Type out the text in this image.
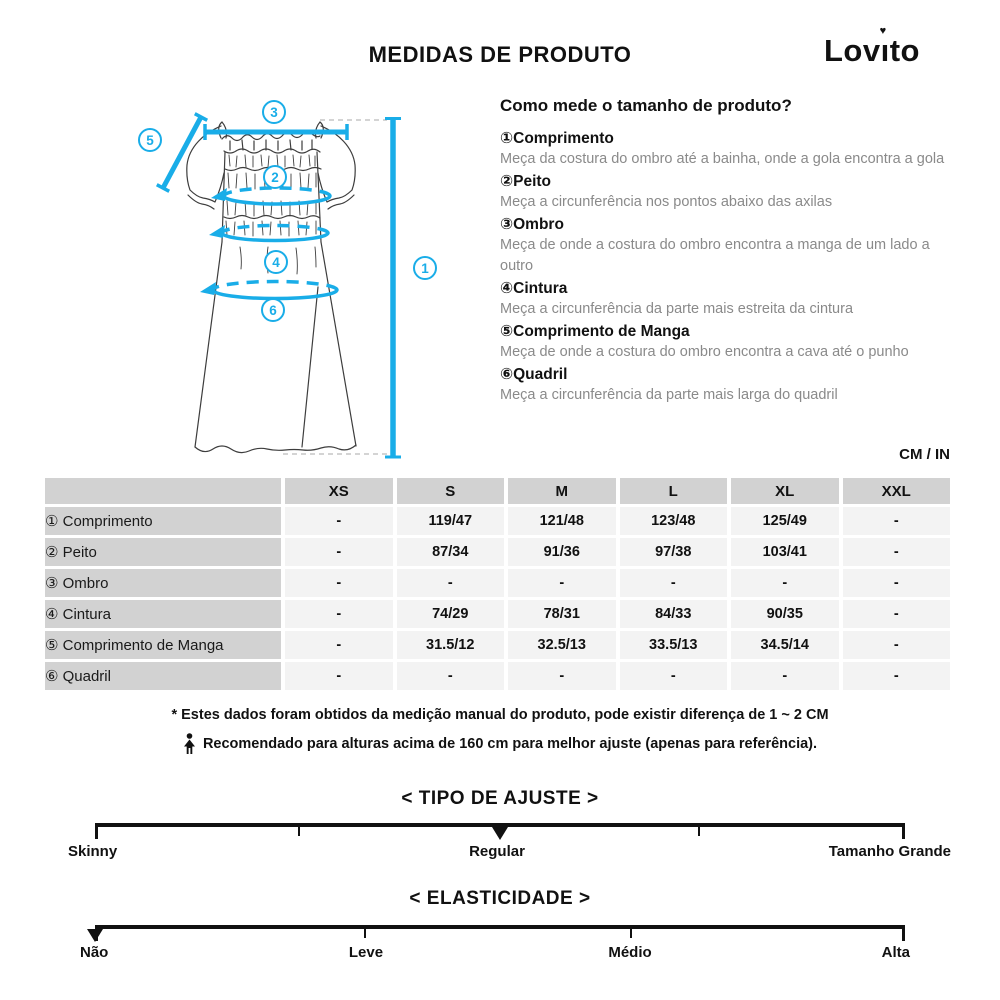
MEDIDAS DE PRODUTO	Lovı
♥
to
3
5
2
4
6
1
Como mede o tamanho de produto?
①Comprimento
Meça da costura do ombro até a bainha, onde a gola encontra a gola
②Peito
Meça a circunferência nos pontos abaixo das axilas
③Ombro
Meça de onde a costura do ombro encontra a manga de um lado a outro
④Cintura
Meça a circunferência da parte mais estreita da cintura
⑤Comprimento de Manga
Meça de onde a costura do ombro encontra a cava até o punho
⑥Quadril
Meça a circunferência da parte mais larga do quadril
CM / IN
	XS	S	M	L	XL	XXL
① Comprimento	-	119/47	121/48	123/48	125/49	-
② Peito	-	87/34	91/36	97/38	103/41	-
③ Ombro	-	-	-	-	-	-
④ Cintura	-	74/29	78/31	84/33	90/35	-
⑤ Comprimento de Manga	-	31.5/12	32.5/13	33.5/13	34.5/14	-
⑥ Quadril	-	-	-	-	-	-
* Estes dados foram obtidos da medição manual do produto, pode existir diferença de 1 ~ 2 CM
Recomendado para alturas acima de 160 cm para melhor ajuste (apenas para referência).
< TIPO DE AJUSTE >
Skinny	Regular	Tamanho Grande
< ELASTICIDADE >
Não	Leve	Médio	Alta
